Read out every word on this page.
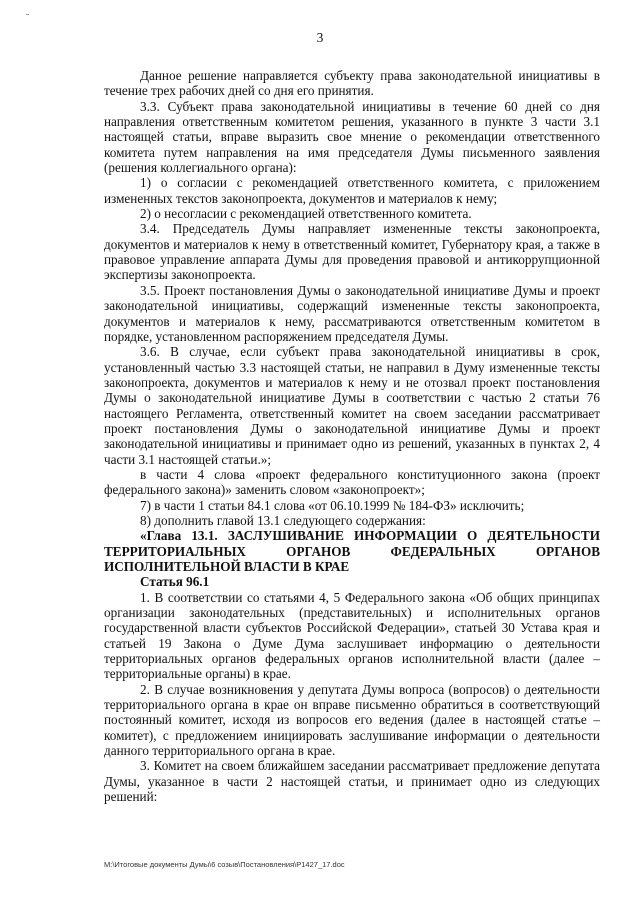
3

Данное решение направляется субъекту права законодательной инициативы в течение трех рабочих дней со дня его принятия.

3.3. Субъект права законодательной инициативы в течение 60 дней со дня направления ответственным комитетом решения, указанного в пункте 3 части 3.1 настоящей статьи, вправе выразить свое мнение о рекомендации ответственного комитета путем направления на имя председателя Думы письменного заявления (решения коллегиального органа):

1) о согласии с рекомендацией ответственного комитета, с приложением измененных текстов законопроекта, документов и материалов к нему;

2) о несогласии с рекомендацией ответственного комитета.

3.4. Председатель Думы направляет измененные тексты законопроекта, документов и материалов к нему в ответственный комитет, Губернатору края, а также в правовое управление аппарата Думы для проведения правовой и антикоррупционной экспертизы законопроекта.

3.5. Проект постановления Думы о законодательной инициативе Думы и проект законодательной инициативы, содержащий измененные тексты законопроекта, документов и материалов к нему, рассматриваются ответственным комитетом в порядке, установленном распоряжением председателя Думы.

3.6. В случае, если субъект права законодательной инициативы в срок, установленный частью 3.3 настоящей статьи, не направил в Думу измененные тексты законопроекта, документов и материалов к нему и не отозвал проект постановления Думы о законодательной инициативе Думы в соответствии с частью 2 статьи 76 настоящего Регламента, ответственный комитет на своем заседании рассматривает проект постановления Думы о законодательной инициативе Думы и проект законодательной инициативы и принимает одно из решений, указанных в пунктах 2, 4 части 3.1 настоящей статьи.»;

в части 4 слова «проект федерального конституционного закона (проект федерального закона)» заменить словом «законопроект»;

7) в части 1 статьи 84.1 слова «от 06.10.1999 № 184-ФЗ» исключить;

8) дополнить главой 13.1 следующего содержания:

«Глава 13.1. ЗАСЛУШИВАНИЕ ИНФОРМАЦИИ О ДЕЯТЕЛЬНОСТИ ТЕРРИТОРИАЛЬНЫХ ОРГАНОВ ФЕДЕРАЛЬНЫХ ОРГАНОВ ИСПОЛНИТЕЛЬНОЙ ВЛАСТИ В КРАЕ

Статья 96.1

1. В соответствии со статьями 4, 5 Федерального закона «Об общих принципах организации законодательных (представительных) и исполнительных органов государственной власти субъектов Российской Федерации», статьей 30 Устава края и статьей 19 Закона о Думе Дума заслушивает информацию о деятельности территориальных органов федеральных органов исполнительной власти (далее – территориальные органы) в крае.

2. В случае возникновения у депутата Думы вопроса (вопросов) о деятельности территориального органа в крае он вправе письменно обратиться в соответствующий постоянный комитет, исходя из вопросов его ведения (далее в настоящей статье – комитет), с предложением инициировать заслушивание информации о деятельности данного территориального органа в крае.

3. Комитет на своем ближайшем заседании рассматривает предложение депутата Думы, указанное в части 2 настоящей статьи, и принимает одно из следующих решений:

M:\Итоговые документы Думы\6 созыв\Постановления\P1427_17.doc
